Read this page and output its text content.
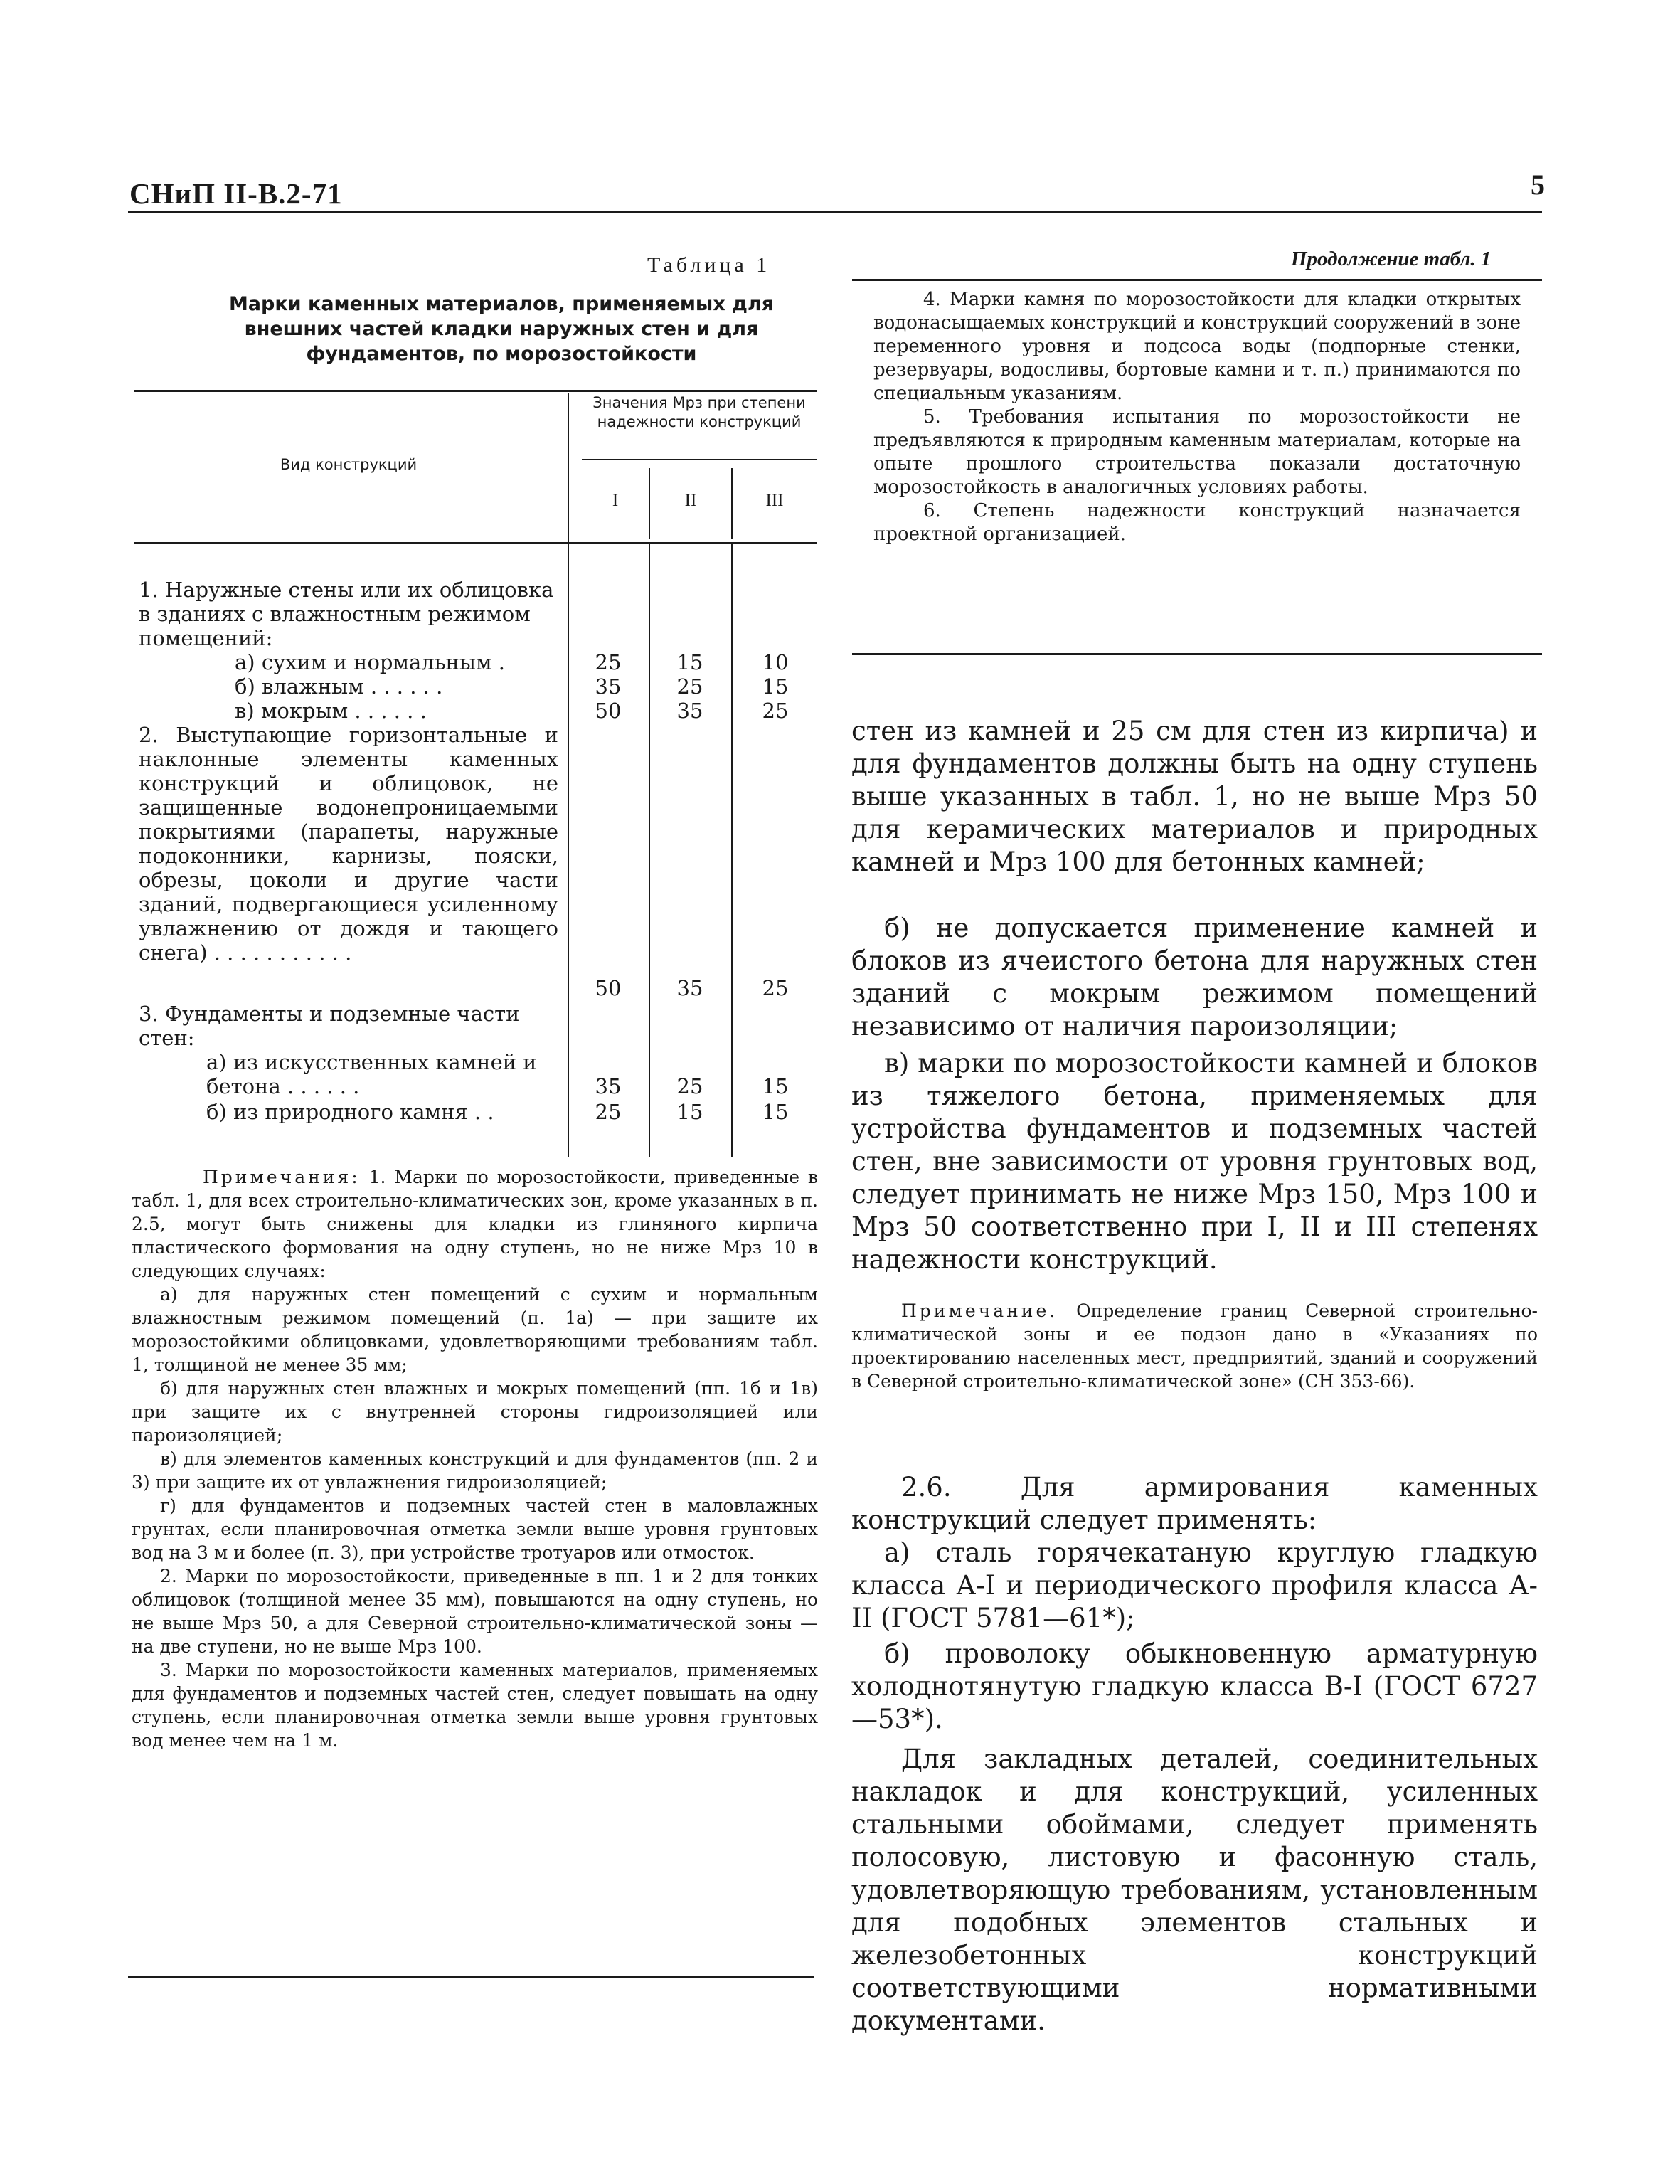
СНиП II-В.2-71	5
Таблица 1
Марки каменных материалов, применяемых для внешних частей кладки наружных стен и для фундаментов, по морозостойкости
Вид конструкций
Значения Мрз при степени надежности конструкций
I	II	III
1. Наружные стены или их облицовка в зданиях с влажностным режимом помещений:
а) сухим и нормальным .	25	15	10
б) влажным . . . . . .	35	25	15
в) мокрым . . . . . .	50	35	25
2. Выступающие горизонтальные и наклонные элементы каменных конструкций и облицовок, не защищенные водонепроницаемыми покрытиями (парапеты, наружные подоконники, карнизы, пояски, обрезы, цоколи и другие части зданий, подвергающиеся усиленному увлажнению от дождя и тающего снега) . . . . . . . . . . .
50	35	25
3. Фундаменты и подземные части стен:
а) из искусственных камней и бетона . . . . . .	35	25	15
б) из природного камня . .	25	15	15
Примечания: 1. Марки по морозостойкости, приведенные в табл. 1, для всех строительно-климатических зон, кроме указанных в п. 2.5, могут быть снижены для кладки из глиняного кирпича пластического формования на одну ступень, но не ниже Мрз 10 в следующих случаях:
а) для наружных стен помещений с сухим и нормальным влажностным режимом помещений (п. 1а) — при защите их морозостойкими облицовками, удовлетворяющими требованиям табл. 1, толщиной не менее 35 мм;
б) для наружных стен влажных и мокрых помещений (пп. 1б и 1в) при защите их с внутренней стороны гидроизоляцией или пароизоляцией;
в) для элементов каменных конструкций и для фундаментов (пп. 2 и 3) при защите их от увлажнения гидроизоляцией;
г) для фундаментов и подземных частей стен в маловлажных грунтах, если планировочная отметка земли выше уровня грунтовых вод на 3 м и более (п. 3), при устройстве тротуаров или отмосток.
2. Марки по морозостойкости, приведенные в пп. 1 и 2 для тонких облицовок (толщиной менее 35 мм), повышаются на одну ступень, но не выше Мрз 50, а для Северной строительно-климатической зоны — на две ступени, но не выше Мрз 100.
3. Марки по морозостойкости каменных материалов, применяемых для фундаментов и подземных частей стен, следует повышать на одну ступень, если планировочная отметка земли выше уровня грунтовых вод менее чем на 1 м.
Продолжение табл. 1
4. Марки камня по морозостойкости для кладки открытых водонасыщаемых конструкций и конструкций сооружений в зоне переменного уровня и подсоса воды (подпорные стенки, резервуары, водосливы, бортовые камни и т. п.) принимаются по специальным указаниям.
5. Требования испытания по морозостойкости не предъявляются к природным каменным материалам, которые на опыте прошлого строительства показали достаточную морозостойкость в аналогичных условиях работы.
6. Степень надежности конструкций назначается проектной организацией.
стен из камней и 25 см для стен из кирпича) и для фундаментов должны быть на одну ступень выше указанных в табл. 1, но не выше Мрз 50 для керамических материалов и природных камней и Мрз 100 для бетонных камней;
б) не допускается применение камней и блоков из ячеистого бетона для наружных стен зданий с мокрым режимом помещений независимо от наличия пароизоляции;
в) марки по морозостойкости камней и блоков из тяжелого бетона, применяемых для устройства фундаментов и подземных частей стен, вне зависимости от уровня грунтовых вод, следует принимать не ниже Мрз 150, Мрз 100 и Мрз 50 соответственно при I, II и III степенях надежности конструкций.
Примечание. Определение границ Северной строительно-климатической зоны и ее подзон дано в «Указаниях по проектированию населенных мест, предприятий, зданий и сооружений в Северной строительно-климатической зоне» (СН 353-66).
2.6. Для армирования каменных конструкций следует применять:
а) сталь горячекатаную круглую гладкую класса А-I и периодического профиля класса А-II (ГОСТ 5781—61*);
б) проволоку обыкновенную арматурную холоднотянутую гладкую класса В-I (ГОСТ 6727—53*).
Для закладных деталей, соединительных накладок и для конструкций, усиленных стальными обоймами, следует применять полосовую, листовую и фасонную сталь, удовлетворяющую требованиям, установленным для подобных элементов стальных и железобетонных конструкций соответствующими нормативными документами.
